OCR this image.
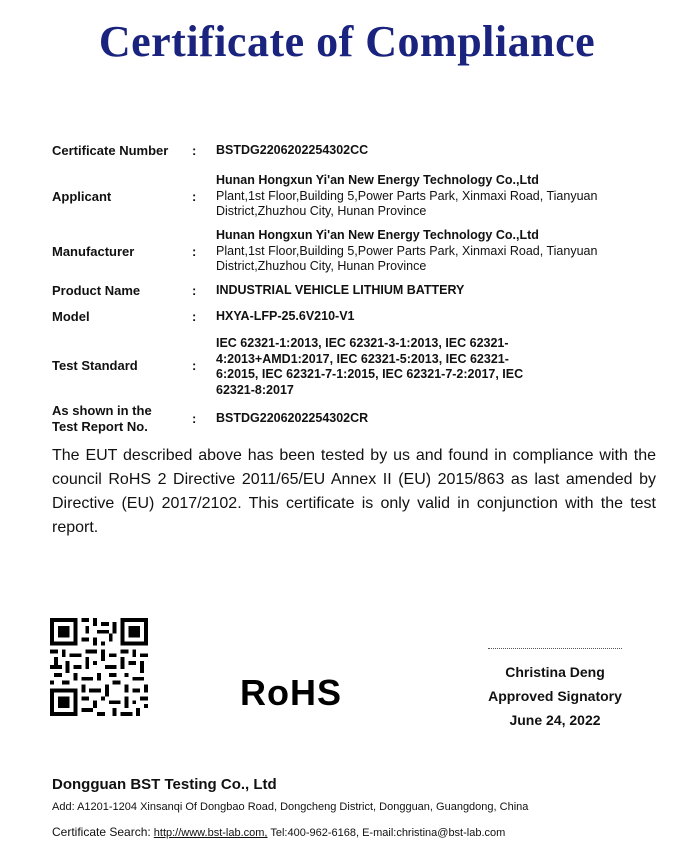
Certificate of Compliance
Certificate Number	: BSTDG2206202254302CC
Applicant	:
Hunan Hongxun Yi'an New Energy Technology Co.,Ltd
Plant,1st Floor,Building 5,Power Parts Park, Xinmaxi Road, Tianyuan District,Zhuzhou City, Hunan Province
Manufacturer	:
Hunan Hongxun Yi'an New Energy Technology Co.,Ltd
Plant,1st Floor,Building 5,Power Parts Park, Xinmaxi Road, Tianyuan District,Zhuzhou City, Hunan Province
Product Name	: INDUSTRIAL VEHICLE LITHIUM BATTERY
Model	: HXYA-LFP-25.6V210-V1
Test Standard	:
IEC 62321-1:2013, IEC 62321-3-1:2013, IEC 62321-4:2013+AMD1:2017, IEC 62321-5:2013, IEC 62321-6:2015, IEC 62321-7-1:2015, IEC 62321-7-2:2017, IEC 62321-8:2017
As shown in the Test Report No.
: BSTDG2206202254302CR
The EUT described above has been tested by us and found in compliance with the council RoHS 2 Directive 2011/65/EU Annex II (EU) 2015/863 as last amended by Directive (EU) 2017/2102. This certificate is only valid in conjunction with the test report.
RoHS	Christina Deng
Approved Signatory
June 24, 2022
Dongguan BST Testing Co., Ltd
Add: A1201-1204 Xinsanqi Of Dongbao Road, Dongcheng District, Dongguan, Guangdong, China
Certificate Search: http://www.bst-lab.com, Tel:400-962-6168, E-mail:christina@bst-lab.com
